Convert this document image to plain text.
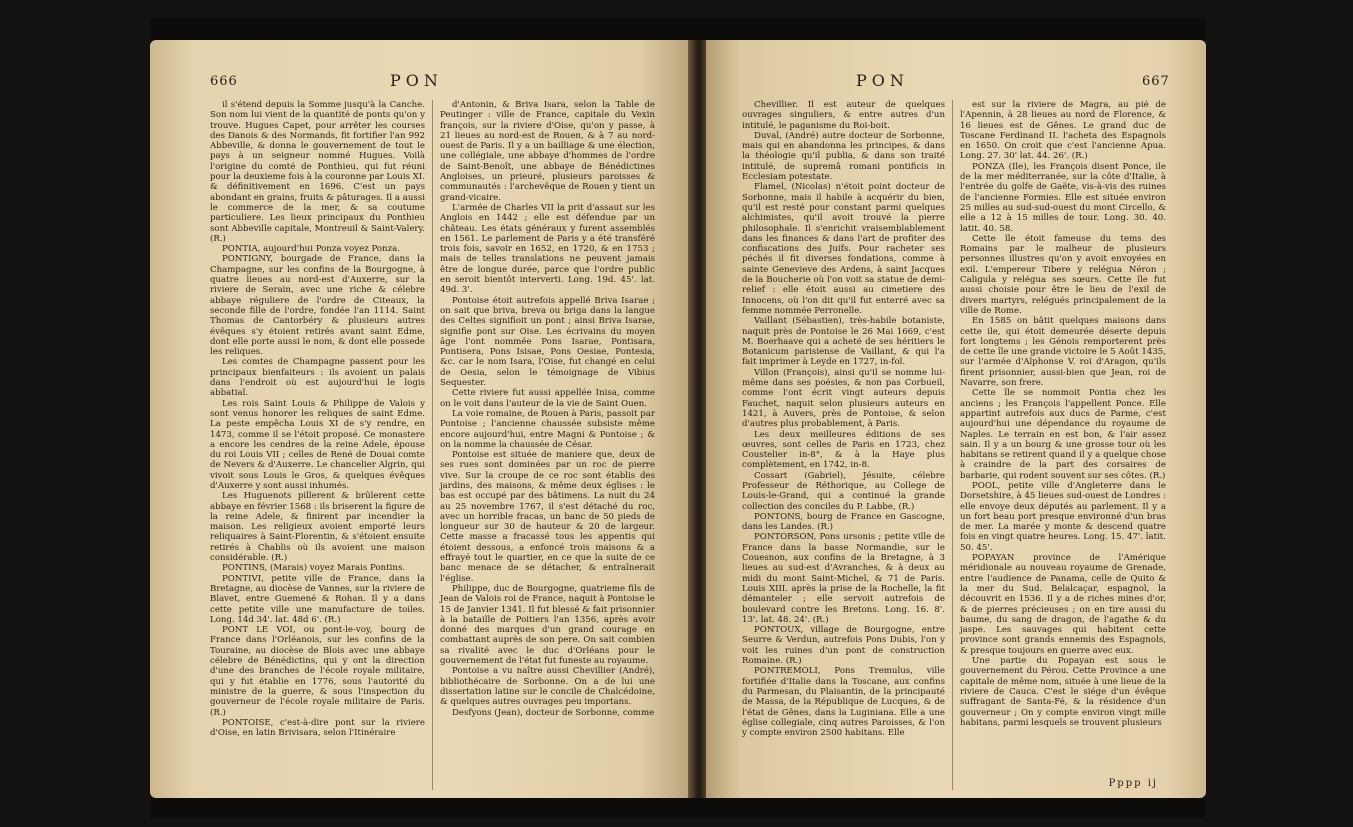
666	PON

il s'étend depuis la Somme jusqu'à la Canche. Son nom lui vient de la quantité de ponts qu'on y trouve. Hugues Capet, pour arrêter les courses des Danois & des Normands, fit fortifier l'an 992 Abbeville, & donna le gouvernement de tout le pays à un seigneur nommé Hugues. Voilà l'origine du comté de Ponthieu, qui fut réuni pour la deuxieme fois à la couronne par Louis XI. & définitivement en 1696. C'est un pays abondant en grains, fruits & pâturages. Il a aussi le commerce de la mer, & sa coutume particuliere. Les lieux principaux du Ponthieu sont Abbeville capitale, Montreuil & Saint-Valery. (R.)

PONTIA, aujourd'hui Ponza voyez Ponza.

PONTIGNY, bourgade de France, dans la Champagne, sur les confins de la Bourgogne, à quatre lieues au nord-est d'Auxerre, sur la riviere de Serain, avec une riche & célebre abbaye réguliere de l'ordre de Citeaux, la seconde fille de l'ordre, fondée l'an 1114. Saint Thomas de Cantorbéry & plusieurs autres évêques s'y étoient retirés avant saint Edme, dont elle porte aussi le nom, & dont elle possede les reliques.

Les comtes de Champagne passent pour les principaux bienfaiteurs : ils avoient un palais dans l'endroit où est aujourd'hui le logis abbatial.

Les rois Saint Louis & Philippe de Valois y sont venus honorer les reliques de saint Edme. La peste empêcha Louis XI de s'y rendre, en 1473, comme il se l'étoit proposé. Ce monastere a encore les cendres de la reine Adele, épouse du roi Louis VII ; celles de René de Douai comte de Nevers & d'Auxerre. Le chancelier Algrin, qui vivoit sous Louis le Gros, & quelques évêques d'Auxerre y sont aussi inhumés.

Les Huguenots pillerent & brûlerent cette abbaye en février 1568 : ils briserent la figure de la reine Adele, & finirent par incendier la maison. Les religieux avoient emporté leurs reliquaires à Saint-Florentin, & s'étoient ensuite retirés à Chablis où ils avoient une maison considérable. (R.)

PONTINS, (Marais) voyez Marais Pontins.

PONTIVI, petite ville de France, dans la Bretagne, au diocèse de Vannes, sur la riviere de Blavet, entre Guemené & Rohan. Il y a dans cette petite ville une manufacture de toiles. Long. 14d 34'. lat. 48d 6'. (R.)

PONT LE VOI, ou pont-le-voy, bourg de France dans l'Orléanois, sur les confins de la Touraine, au diocèse de Blois avec une abbaye célebre de Bénédictins, qui y ont la direction d'une des branches de l'école royale militaire, qui y fut établie en 1776, sous l'autorité du ministre de la guerre, & sous l'inspection du gouverneur de l'école royale militaire de Paris.(R.)

PONTOISE, c'est-à-dire pont sur la riviere d'Oise, en latin Brivisara, selon l'Itinéraire

d'Antonin, & Briva Isara, selon la Table de Peutinger : ville de France, capitale du Vexin françois, sur la riviere d'Oise, qu'on y passe, à 21 lieues au nord-est de Rouen, & à 7 au nord-ouest de Paris. Il y a un bailliage & une élection, une collégiale, une abbaye d'hommes de l'ordre de Saint-Benoît, une abbaye de Bénédictines Angloises, un prieuré, plusieurs paroisses & communautés : l'archevêque de Rouen y tient un grand-vicaire.

L'armée de Charles VII la prit d'assaut sur les Anglois en 1442 ; elle est défendue par un château. Les états généraux y furent assemblés en 1561. Le parlement de Paris y a été transféré trois fois, savoir en 1652, en 1720, & en 1753 ; mais de telles translations ne peuvent jamais être de longue durée, parce que l'ordre public en seroit bientôt interverti. Long. 19d. 45'. lat. 49d. 3'.

Pontoise étoit autrefois appellé Briva Isarae ; on sait que briva, breva ou briga dans la langue des Celtes signifioit un pont ; ainsi Briva Isarae, signifie pont sur Oise. Les écrivains du moyen âge l'ont nommée Pons Isarae, Pontisara, Pontisera, Pons Isisae, Pons Oesiae, Pontesia, &c. car le nom Isara, l'Oise, fut changé en celui de Oesia, selon le témoignage de Vibius Sequester.

Cette riviere fut aussi appellée Inisa, comme on le voit dans l'auteur de la vie de Saint Ouen.

La voie romaine, de Rouen à Paris, passoit par Pontoise ; l'ancienne chaussée subsiste même encore aujourd'hui, entre Magni & Pontoise ; & on la nomme la chaussée de César.

Pontoise est située de maniere que, deux de ses rues sont dominées par un roc de pierre vive. Sur la croupe de ce roc sont établis des jardins, des maisons, & même deux églises : le bas est occupé par des bâtimens. La nuit du 24 au 25 novembre 1767, il s'est détaché du roc, avec un horrible fracas, un banc de 50 pieds de longueur sur 30 de hauteur & 20 de largeur. Cette masse a fracassé tous les appentis qui étoient dessous, a enfoncé trois maisons & a effrayé tout le quartier, en ce que la suite de ce banc menace de se détacher, & entraînerait l'église.

Philippe, duc de Bourgogne, quatrieme fils de Jean de Valois roi de France, naquit à Pontoise le 15 de Janvier 1341. Il fut blessé & fait prisonnier à la bataille de Poitiers l'an 1356, après avoir donné des marques d'un grand courage en combattant auprès de son pere. On sait combien sa rivalité avec le duc d'Orléans pour le gouvernement de l'état fut funeste au royaume.

Pontoise a vu naître aussi Chevillier (André), bibliothécaire de Sorbonne. On a de lui une dissertation latine sur le concile de Chalcédoine, & quelques autres ouvrages peu importans.

Desfyons (Jean), docteur de Sorbonne, comme

PON	667

Chevillier. Il est auteur de quelques ouvrages singuliers, & entre autres d'un intitulé, le paganisme du Roi-boit.

Duval, (André) autre docteur de Sorbonne, mais qui en abandonna les principes, & dans la théologie qu'il publia, & dans son traité intitulé, de supremâ romani pontificis in Ecclesiam potestate.

Flamel, (Nicolas) n'étoit point docteur de Sorbonne, mais il habile à acquérir du bien, qu'il est resté pour constant parmi quelques alchimistes, qu'il avoit trouvé la pierre philosophale. Il s'enrichit vraisemblablement dans les finances & dans l'art de profiter des confiscations des Juifs. Pour racheter ses péchés il fit diverses fondations, comme à sainte Genevieve des Ardens, à saint Jacques de la Boucherie où l'on voit sa statue de demi-relief : elle étoit aussi au cimetiere des Innocens, où l'on dit qu'il fut enterré avec sa femme nommée Perronelle.

Vaillant (Sébastien), très-habile botaniste, naquit près de Pontoise le 26 Mai 1669, c'est M. Boerhaave qui a acheté de ses héritiers le Botanicum parisiense de Vaillant, & qui l'a fait imprimer à Leyde en 1727, in-fol.

Villon (François), ainsi qu'il se nomme lui-même dans ses poésies, & non pas Corbueil, comme l'ont écrit vingt auteurs depuis Fauchet, naquit selon plusieurs auteurs en 1421, à Auvers, près de Pontoise, & selon d'autres plus probablement, à Paris.

Les deux meilleures éditions de ses œuvres, sont celles de Paris en 1723, chez Coustelier in-8°, & à la Haye plus complètement, en 1742, in-8.

Cossart (Gabriel), Jésuite, célebre Professeur de Réthorique, au College de Louis-le-Grand, qui a continué la grande collection des conciles du P. Labbe, (R.)

PONTONS, bourg de France en Gascogne, dans les Landes. (R.)

PONTORSON, Pons ursonis ; petite ville de France dans la basse Normandie, sur le Couesnon, aux confins de la Bretagne, à 3 lieues au sud-est d'Avranches, & à deux au midi du mont Saint-Michel, & 71 de Paris. Louis XIII. après la prise de la Rochelle, la fit démanteler ; elle servoit autrefois de boulevard contre les Bretons. Long. 16. 8'. 13'. lat. 48. 24'. (R.)

PONTOUX, village de Bourgogne, entre Seurre & Verdun, autrefois Pons Dubis, l'on y voit les ruines d'un pont de construction Romaine. (R.)

PONTREMOLI, Pons Tremulus, ville fortifiée d'Italie dans la Toscane, aux confins du Parmesan, du Plaisantin, de la principauté de Massa, de la République de Lucques, & de l'état de Gênes, dans la Luginiana. Elle a une église collegiale, cinq autres Paroisses, & l'on y compte environ 2500 habitans. Elle

est sur la riviere de Magra, au pié de l'Apennin, à 28 lieues au nord de Florence, & 16 lieues est de Gênes. Le grand duc de Toscane Ferdinand II. l'acheta des Espagnols en 1650. On croit que c'est l'ancienne Apua. Long. 27. 30' lat. 44. 26'. (R.)

PONZA (Ile), les François disent Ponce, ile de la mer méditerranée, sur la côte d'Italie, à l'entrée du golfe de Gaëte, vis-à-vis des ruines de l'ancienne Formies. Elle est située environ 25 milles au sud-sud-ouest du mont Circello, & elle a 12 à 15 milles de tour. Long. 30. 40. latit. 40. 58.

Cette île étoit fameuse du tems des Romains par le malheur de plusieurs personnes illustres qu'on y avoit envoyées en exil. L'empereur Tibere y relégua Néron ; Caligula y relégua ses sœurs. Cette île fut aussi choisie pour être le lieu de l'exil de divers martyrs, relégués principalement de la ville de Rome.

En 1585 on bâtit quelques maisons dans cette ile, qui étoit demeurée déserte depuis fort longtems ; les Génois remporterent près de cette île une grande victoire le 5 Août 1435, sur l'armée d'Alphonse V. roi d'Aragon, qu'ils firent prisonnier, aussi-bien que Jean, roi de Navarre, son frere.

Cette île se nommoit Pontia chez les anciens ; les François l'appellent Ponce. Elle appartint autrefois aux ducs de Parme, c'est aujourd'hui une dépendance du royaume de Naples. Le terrain en est bon, & l'air assez sain. Il y a un bourg & une grosse tour où les habitans se retirent quand il y a quelque chose à craindre de la part des corsaires de barbarie, qui rodent souvent sur ses côtes. (R.)

POOL, petite ville d'Angleterre dans le Dorsetshire, à 45 lieues sud-ouest de Londres : elle envoye deux députés au parlement. Il y a un fort beau port presque environné d'un bras de mer. La marée y monte & descend quatre fois en vingt quatre heures. Long. 15. 47'. latit. 50. 45'.

POPAYAN province de l'Amérique méridionale au nouveau royaume de Grenade, entre l'audience de Panama, celle de Quito & la mer du Sud. Belalcaçar, espagnol, la découvrit en 1536. Il y a de riches mines d'or, & de pierres précieuses ; on en tire aussi du baume, du sang de dragon, de l'agathe & du jaspe. Les sauvages qui habitent cette province sont grands ennemis des Espagnols, & presque toujours en guerre avec eux.

Une partie du Popayan est sous le gouvernement du Pérou. Cette Province a une capitale de même nom, située à une lieue de la riviere de Cauca. C'est le siége d'un évêque suffragant de Santa-Fé, & la résidence d'un gouverneur ; On y compte environ vingt mille habitans, parmi lesquels se trouvent plusieurs

Pppp ij
